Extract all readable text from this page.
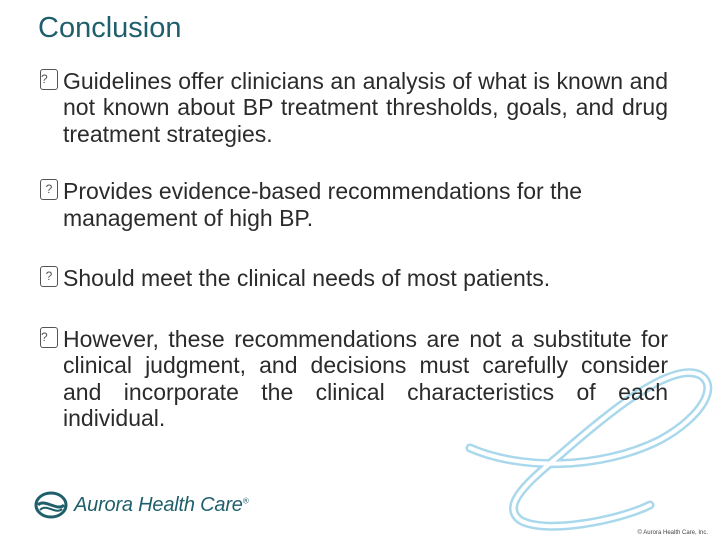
Conclusion

? Guidelines offer clinicians an analysis of what is known and not known about BP treatment thresholds, goals, and drug treatment strategies.

? Provides evidence-based recommendations for the management of high BP.

? Should meet the clinical needs of most patients.

? However, these recommendations are not a substitute for clinical judgment, and decisions must carefully consider and incorporate the clinical characteristics of each individual.

Aurora Health Care®
© Aurora Health Care, Inc.
